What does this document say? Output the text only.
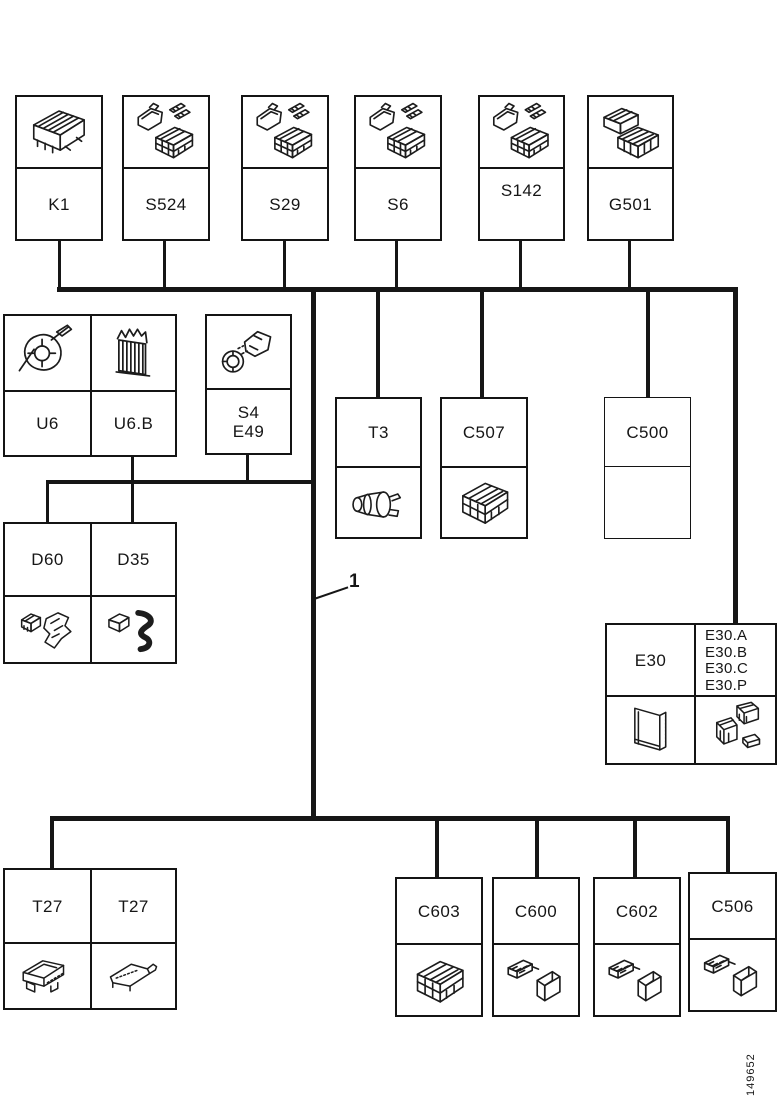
K1	S524	S29	S6
S142
G501
U6	U6.B
S4
E49
D60	D35
T3	C507	C500
1
E30
E30.A
E30.B
E30.C
E30.P
T27	T27	C603	C600	C602	C506
149652
